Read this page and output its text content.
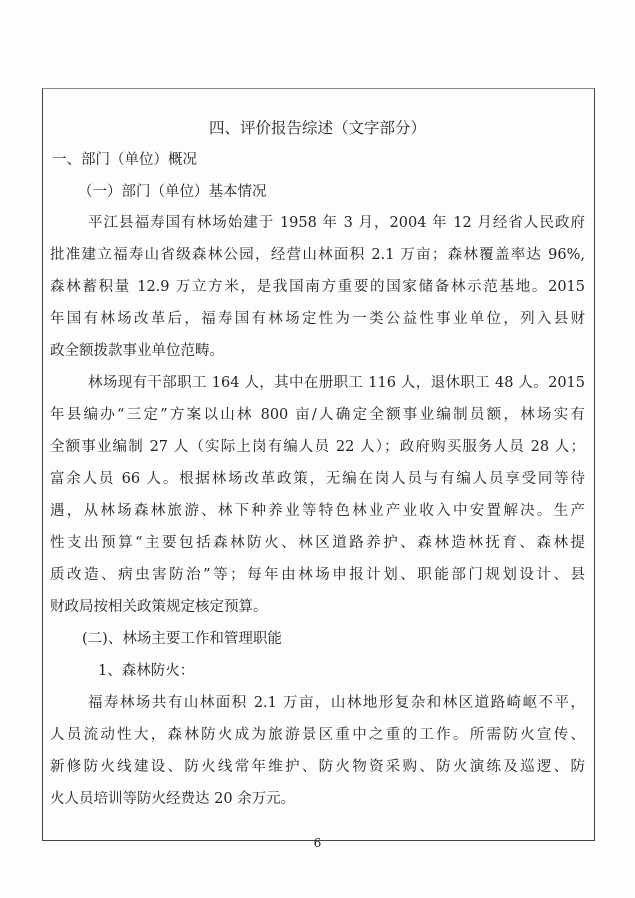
四、评价报告综述（文字部分）
一、部门（单位）概况
（一）部门（单位）基本情况
平江县福寿国有林场始建于 1958 年 3 月，2004 年 12 月经省人民政府
批准建立福寿山省级森林公园，经营山林面积 2.1 万亩；森林覆盖率达 96%,
森林蓄积量 12.9 万立方米，是我国南方重要的国家储备林示范基地。2015
年国有林场改革后，福寿国有林场定性为一类公益性事业单位，列入县财
政全额拨款事业单位范畴。
林场现有干部职工 164 人，其中在册职工 116 人，退休职工 48 人。2015
年县编办“三定”方案以山林 800 亩/人确定全额事业编制员额，林场实有
全额事业编制 27 人（实际上岗有编人员 22 人）；政府购买服务人员 28 人；
富余人员 66 人。根据林场改革政策，无编在岗人员与有编人员享受同等待
遇，从林场森林旅游、林下种养业等特色林业产业收入中安置解决。生产
性支出预算“主要包括森林防火、林区道路养护、森林造林抚育、森林提
质改造、病虫害防治”等；每年由林场申报计划、职能部门规划设计、县
财政局按相关政策规定核定预算。
(二)、林场主要工作和管理职能
1、森林防火：
福寿林场共有山林面积 2.1 万亩，山林地形复杂和林区道路崎岖不平，
人员流动性大，森林防火成为旅游景区重中之重的工作。所需防火宣传、
新修防火线建设、防火线常年维护、防火物资采购、防火演练及巡逻、防
火人员培训等防火经费达 20 余万元。
6
